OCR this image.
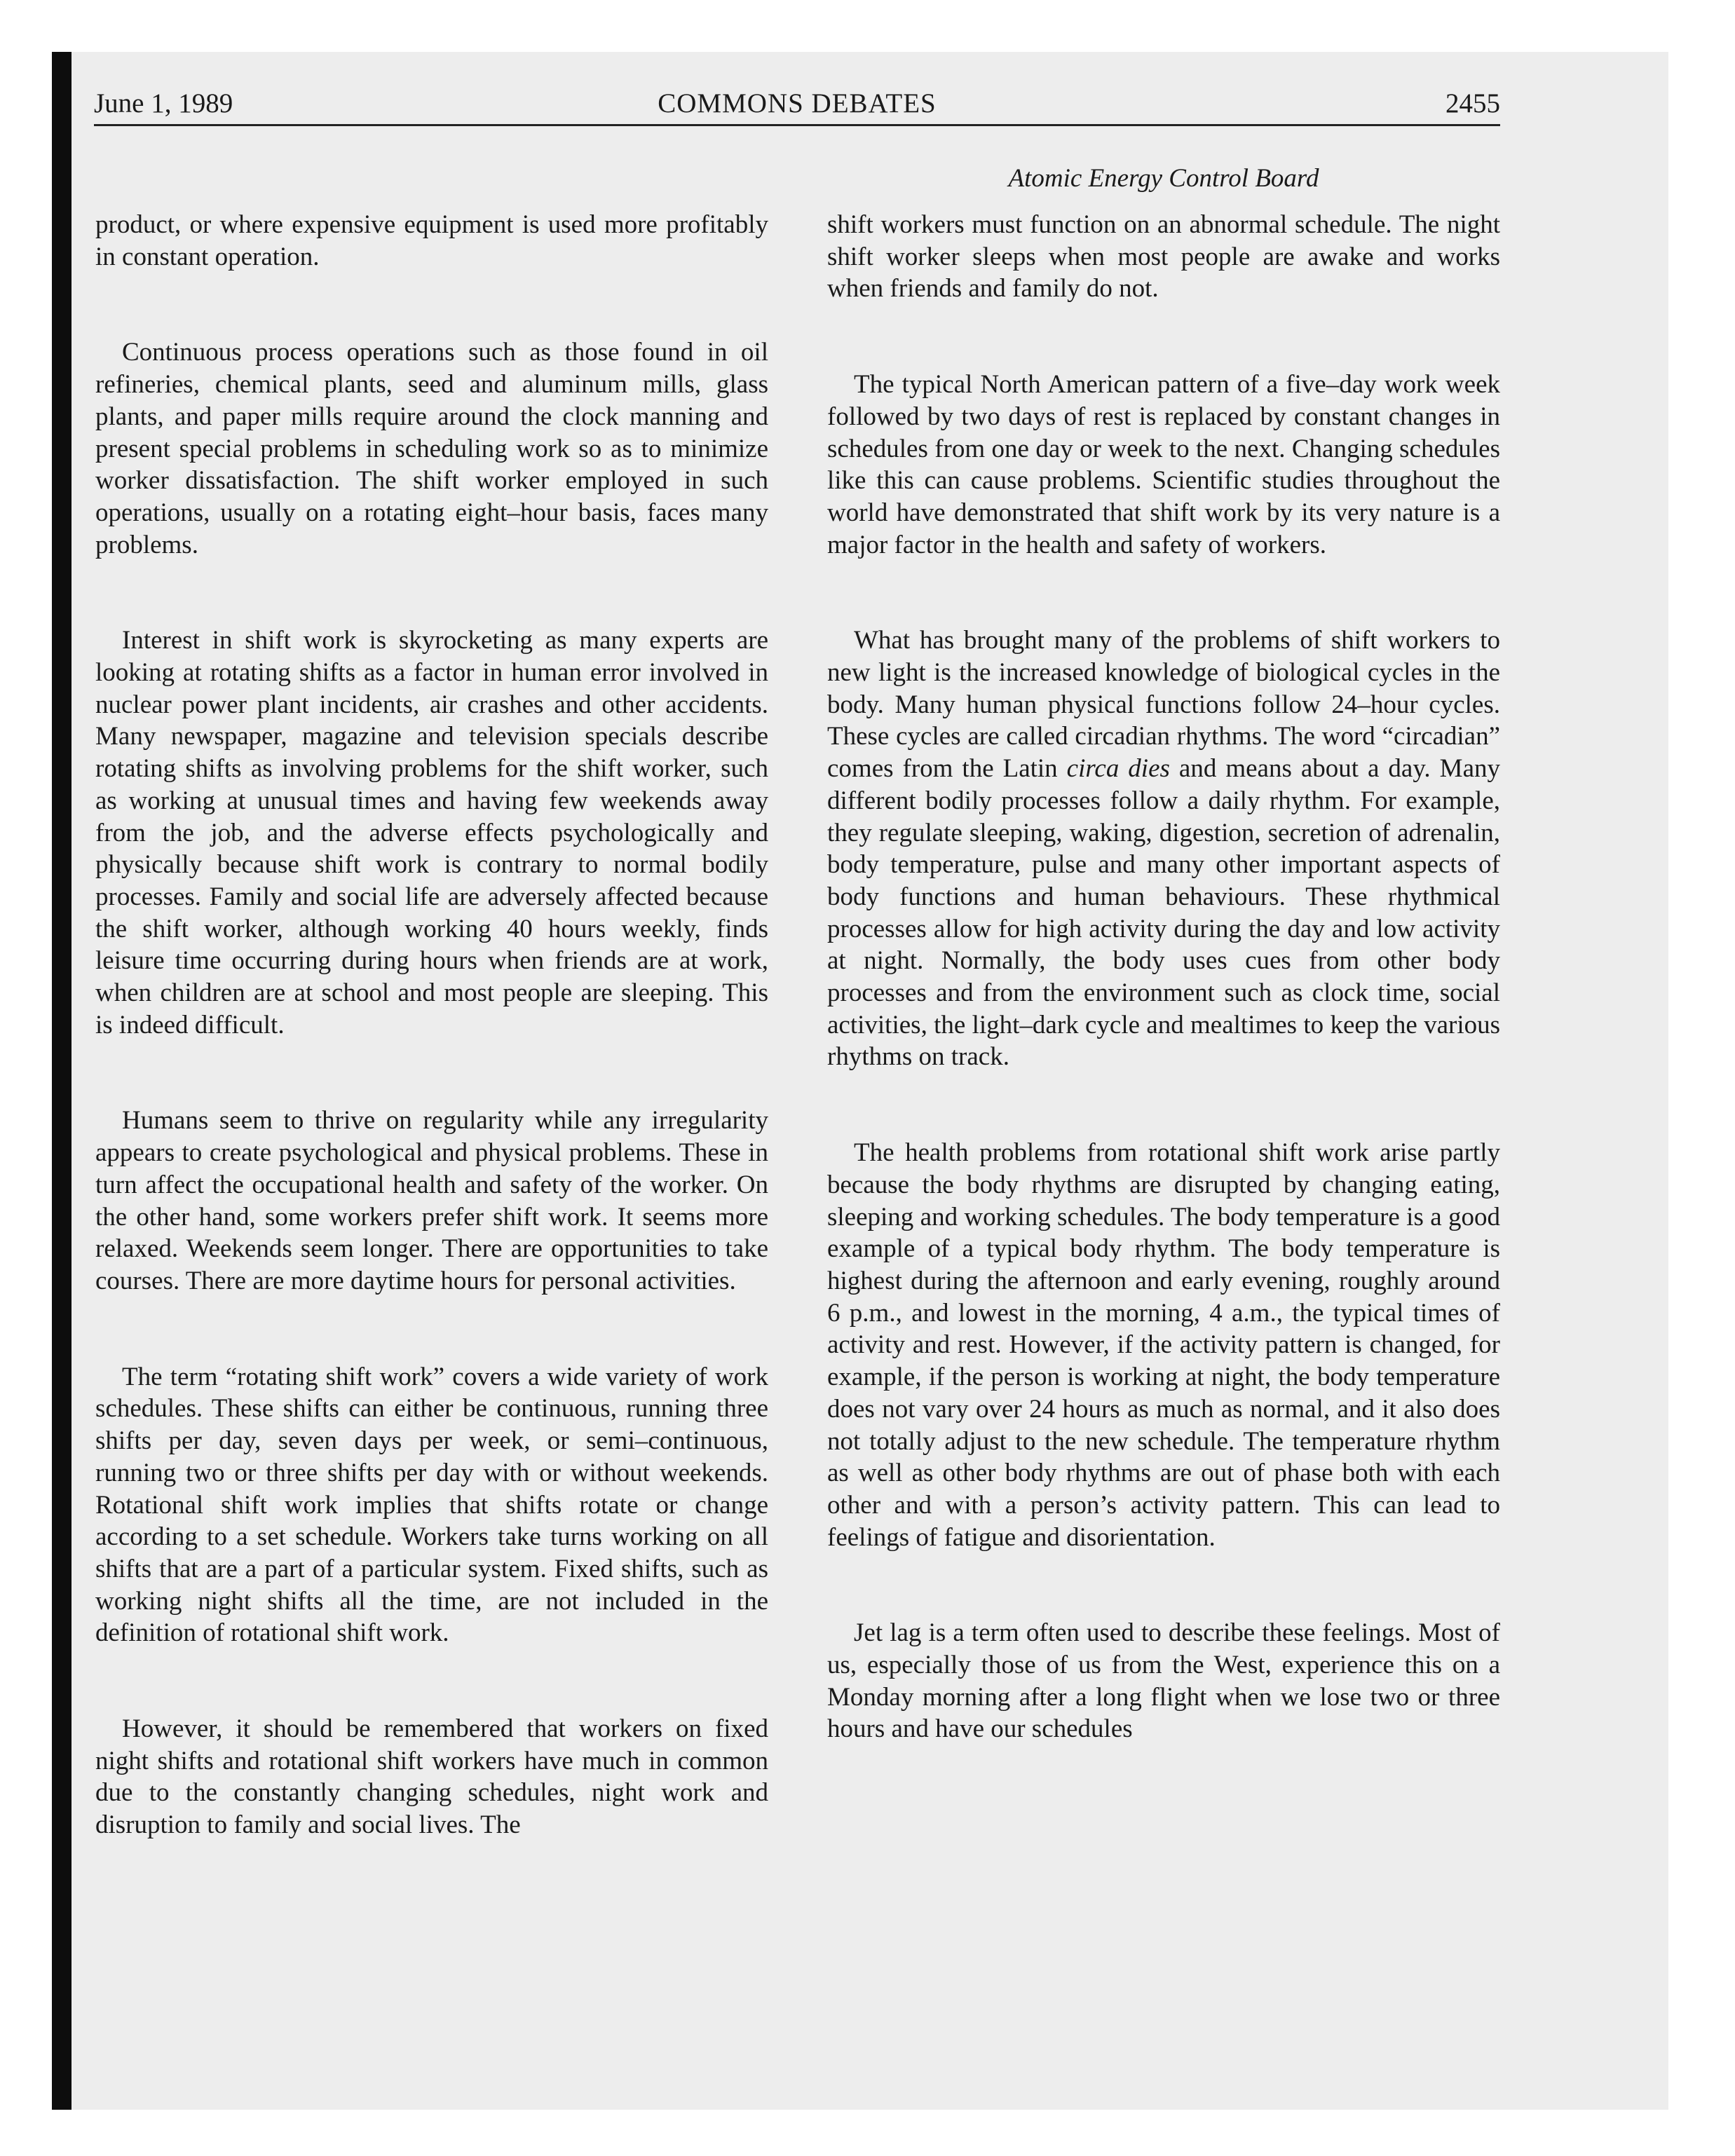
June 1, 1989	COMMONS DEBATES	2455
Atomic Energy Control Board

product, or where expensive equipment is used more profitably in constant operation.

Continuous process operations such as those found in oil refineries, chemical plants, seed and aluminum mills, glass plants, and paper mills require around the clock manning and present special problems in scheduling work so as to minimize worker dissatisfaction. The shift worker employed in such operations, usually on a rotating eight–hour basis, faces many problems.

Interest in shift work is skyrocketing as many experts are looking at rotating shifts as a factor in human error involved in nuclear power plant incidents, air crashes and other accidents. Many newspaper, magazine and television specials describe rotating shifts as involving problems for the shift worker, such as working at unusual times and having few weekends away from the job, and the adverse effects psychologically and physically because shift work is contrary to normal bodily processes. Family and social life are adversely affected because the shift worker, although working 40 hours weekly, finds leisure time occurring during hours when friends are at work, when children are at school and most people are sleeping. This is indeed difficult.

Humans seem to thrive on regularity while any irregularity appears to create psychological and physical problems. These in turn affect the occupational health and safety of the worker. On the other hand, some workers prefer shift work. It seems more relaxed. Weekends seem longer. There are opportunities to take courses. There are more daytime hours for personal activities.

The term “rotating shift work” covers a wide variety of work schedules. These shifts can either be continuous, running three shifts per day, seven days per week, or semi–continuous, running two or three shifts per day with or without weekends. Rotational shift work implies that shifts rotate or change according to a set schedule. Workers take turns working on all shifts that are a part of a particular system. Fixed shifts, such as working night shifts all the time, are not included in the definition of rotational shift work.

However, it should be remembered that workers on fixed night shifts and rotational shift workers have much in common due to the constantly changing schedules, night work and disruption to family and social lives. The

shift workers must function on an abnormal schedule. The night shift worker sleeps when most people are awake and works when friends and family do not.

The typical North American pattern of a five–day work week followed by two days of rest is replaced by constant changes in schedules from one day or week to the next. Changing schedules like this can cause problems. Scientific studies throughout the world have demonstrated that shift work by its very nature is a major factor in the health and safety of workers.

What has brought many of the problems of shift workers to new light is the increased knowledge of biological cycles in the body. Many human physical functions follow 24–hour cycles. These cycles are called circadian rhythms. The word “circadian” comes from the Latin circa dies and means about a day. Many different bodily processes follow a daily rhythm. For example, they regulate sleeping, waking, digestion, secretion of adrenalin, body temperature, pulse and many other important aspects of body functions and human behaviours. These rhythmical processes allow for high activity during the day and low activity at night. Normally, the body uses cues from other body processes and from the environment such as clock time, social activities, the light–dark cycle and mealtimes to keep the various rhythms on track.

The health problems from rotational shift work arise partly because the body rhythms are disrupted by changing eating, sleeping and working schedules. The body temperature is a good example of a typical body rhythm. The body temperature is highest during the afternoon and early evening, roughly around 6 p.m., and lowest in the morning, 4 a.m., the typical times of activity and rest. However, if the activity pattern is changed, for example, if the person is working at night, the body temperature does not vary over 24 hours as much as normal, and it also does not totally adjust to the new schedule. The temperature rhythm as well as other body rhythms are out of phase both with each other and with a person’s activity pattern. This can lead to feelings of fatigue and disorientation.

Jet lag is a term often used to describe these feelings. Most of us, especially those of us from the West, experience this on a Monday morning after a long flight when we lose two or three hours and have our schedules
